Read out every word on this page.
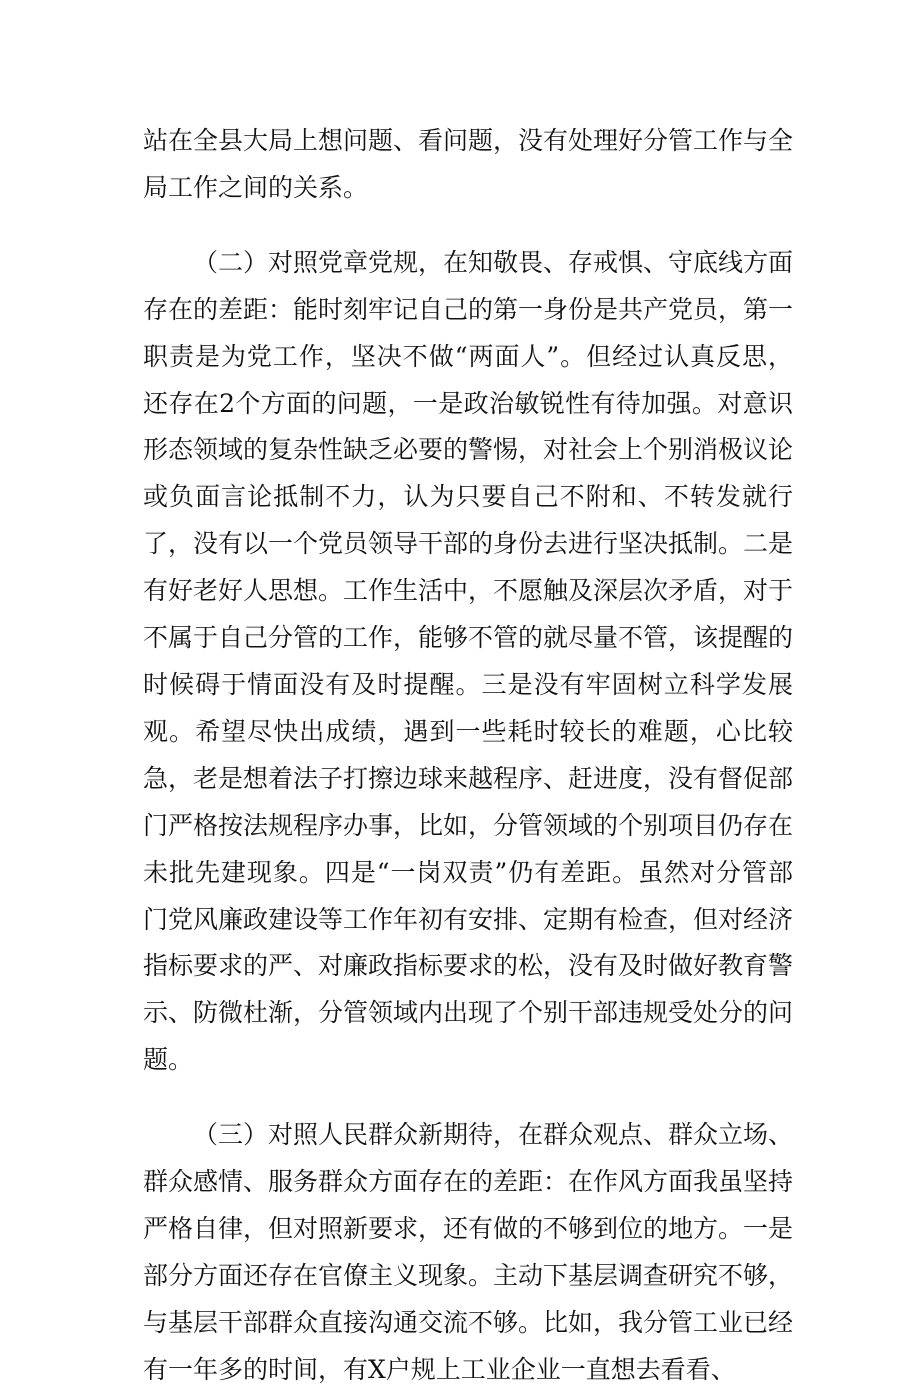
站在全县大局上想问题、看问题，没有处理好分管工作与全局工作之间的关系。

（二）对照党章党规，在知敬畏、存戒惧、守底线方面存在的差距：能时刻牢记自己的第一身份是共产党员，第一职责是为党工作，坚决不做“两面人”。但经过认真反思，还存在2个方面的问题，一是政治敏锐性有待加强。对意识形态领域的复杂性缺乏必要的警惕，对社会上个别消极议论或负面言论抵制不力，认为只要自己不附和、不转发就行了，没有以一个党员领导干部的身份去进行坚决抵制。二是有好老好人思想。工作生活中，不愿触及深层次矛盾，对于不属于自己分管的工作，能够不管的就尽量不管，该提醒的时候碍于情面没有及时提醒。三是没有牢固树立科学发展观。希望尽快出成绩，遇到一些耗时较长的难题，心比较急，老是想着法子打擦边球来越程序、赶进度，没有督促部门严格按法规程序办事，比如，分管领域的个别项目仍存在未批先建现象。四是“一岗双责”仍有差距。虽然对分管部门党风廉政建设等工作年初有安排、定期有检查，但对经济指标要求的严、对廉政指标要求的松，没有及时做好教育警示、防微杜渐，分管领域内出现了个别干部违规受处分的问题。

（三）对照人民群众新期待，在群众观点、群众立场、群众感情、服务群众方面存在的差距：在作风方面我虽坚持严格自律，但对照新要求，还有做的不够到位的地方。一是部分方面还存在官僚主义现象。主动下基层调查研究不够，与基层干部群众直接沟通交流不够。比如，我分管工业已经有一年多的时间，有X户规上工业企业一直想去看看、
